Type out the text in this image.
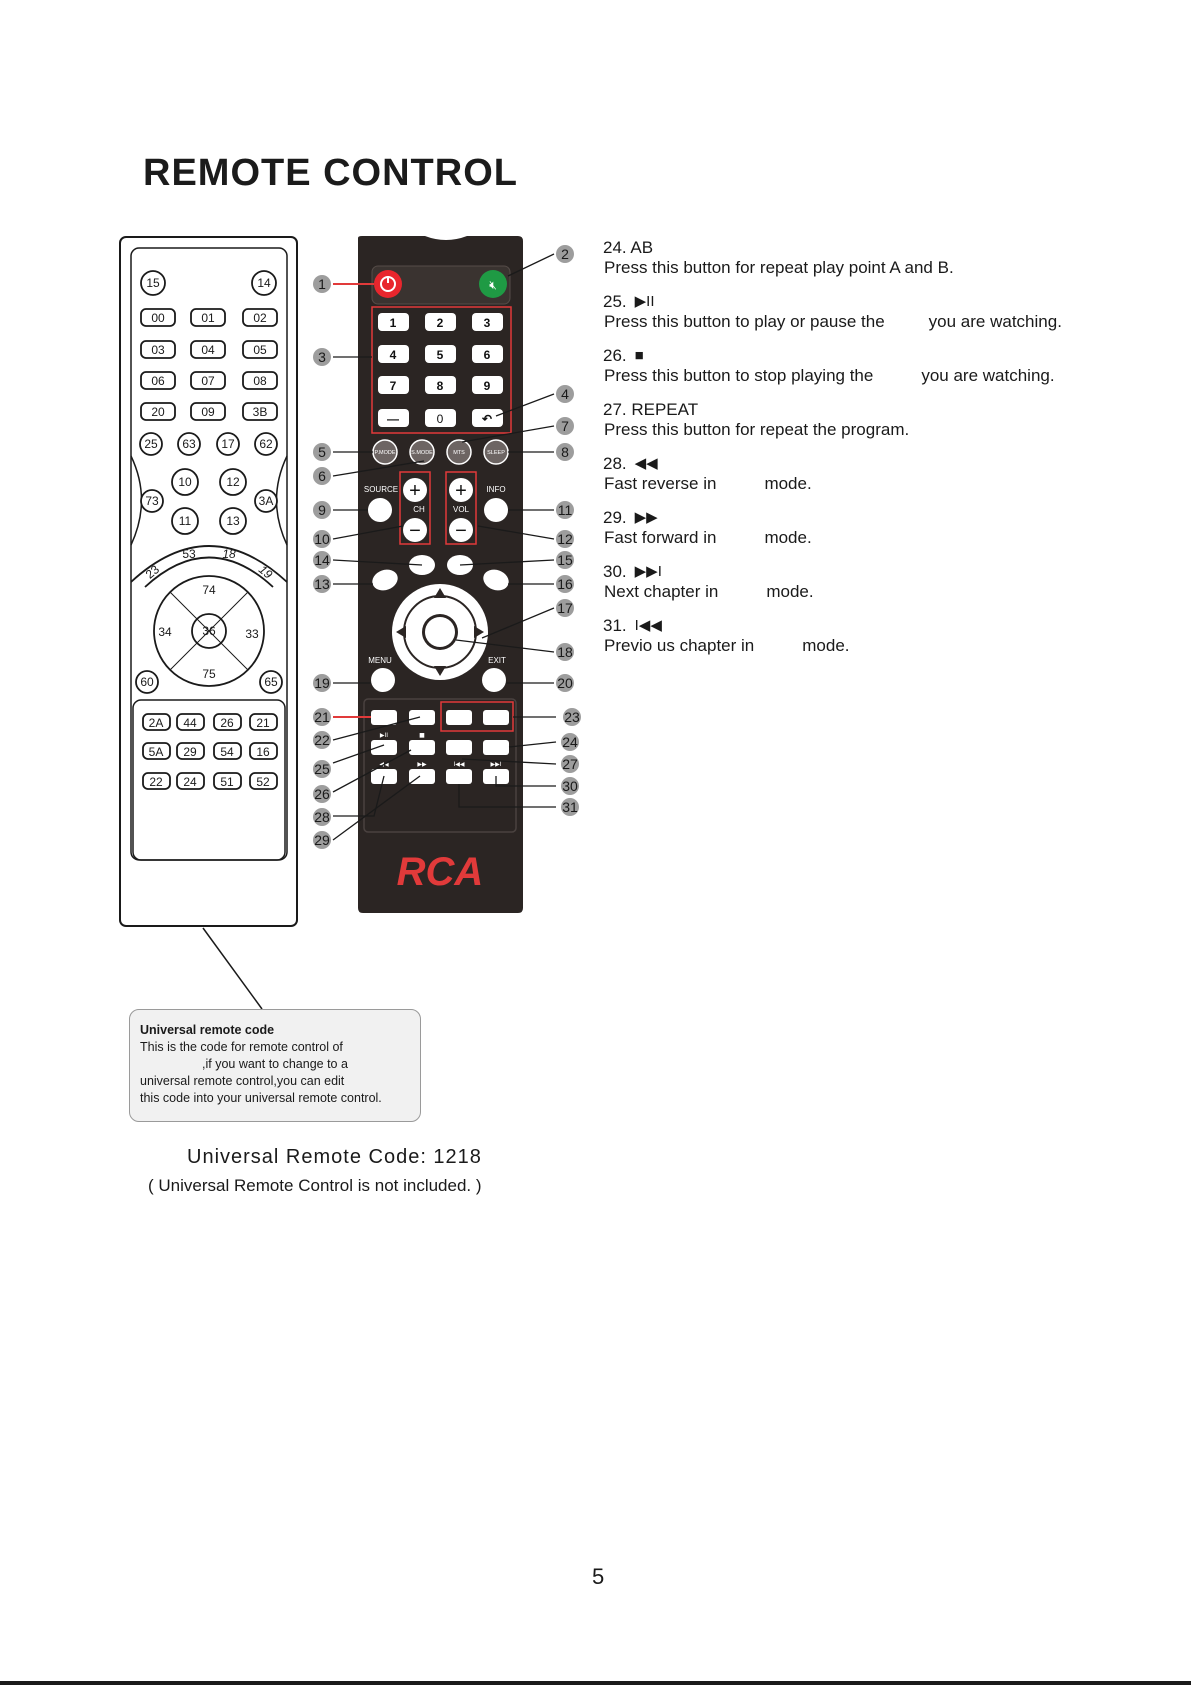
REMOTE CONTROL
15	14
00	01	02
03	04	05
06	07	08
20	09	3B
25 63 17 62
10	12
11	13
73	3A
23
53 18
19
74
75
34	33
36
60	65
2A 44 26 21
5A 29 54 16
22 24 51 52
🔇︎
1	2	3
4	5	6
7	8	9
—	0	↶
P.MODE	S.MODE	MTS	SLEEP
+
−
+
−
CH	VOL
SOURCE	INFO
MENU	EXIT
▶II	■
◀◀	▶▶	I◀◀	▶▶I
RCA
1
3
5
6
9
10
14
13
19
21
22
25
26
28
29
2
4
7
8
11
12
15
16
17
18
20
23
24
27
30
31
24. AB
Press this button for repeat play point A and B.
25. ▶II
Press this button to play or pause the	you are watching.
26. ■
Press this button to stop playing the	you are watching.
27. REPEAT
Press this button for repeat the program.
28. ◀◀
Fast reverse in	mode.
29. ▶▶
Fast forward in	mode.
30. ▶▶I
Next chapter in	mode.
31. I◀◀
Previo us chapter in	mode.
Universal remote code
This is the code for remote control of
,if you want to change to a
universal remote control,you can edit
this code into your universal remote control.
Universal Remote Code: 1218
( Universal Remote Control is not included. )
5
